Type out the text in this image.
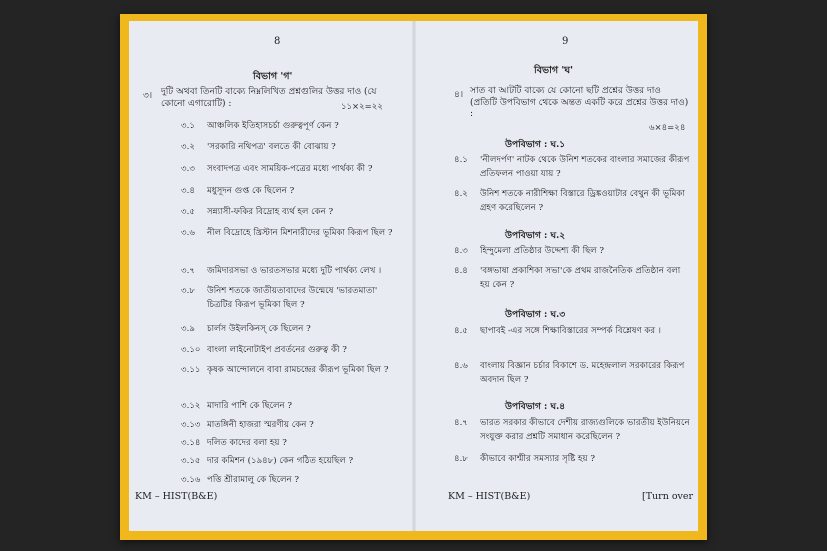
8
বিভাগ 'গ'
৩। দুটি অথবা তিনটি বাক্যে নিম্নলিখিত প্রশ্নগুলির উত্তর দাও (যে কোনো এগারোটি) :	১১×২=২২
৩.১ আঞ্চলিক ইতিহাসচর্চা গুরুত্বপূর্ণ কেন ?
৩.২ 'সরকারি নথিপত্র' বলতে কী বোঝায় ?
৩.৩ সংবাদপত্র এবং সাময়িক-পত্রের মধ্যে পার্থক্য কী ?
৩.৪ মধুসূদন গুপ্ত কে ছিলেন ?
৩.৫ সন্ন্যাসী-ফকির বিদ্রোহ ব্যর্থ হল কেন ?
৩.৬	নীল বিদ্রোহে খ্রিস্টান মিশনারীদের ভূমিকা কিরূপ ছিল ?
৩.৭ জমিদারসভা ও ভারতসভার মধ্যে দুটি পার্থক্য লেখ ।
৩.৮	উনিশ শতকে জাতীয়তাবাদের উন্মেষে 'ভারতমাতা' চিত্রটির কিরূপ ভূমিকা ছিল ?
৩.৯ চার্লস উইলকিনস্ কে ছিলেন ?
৩.১০ বাংলা লাইনোটাইপ প্রবর্তনের গুরুত্ব কী ?
৩.১১ কৃষক আন্দোলনে বাবা রামচন্দ্রের কীরূপ ভূমিকা ছিল ?
৩.১২ মাদারি পাশি কে ছিলেন ?
৩.১৩ মাতঙ্গিনী হাজরা স্মরণীয় কেন ?
৩.১৪ দলিত কাদের বলা হয় ?
৩.১৫ দার কমিশন (১৯৪৮) কেন গঠিত হয়েছিল ?
৩.১৬ পত্তি শ্রীরামালু কে ছিলেন ?
KM – HIST(B&E)
9
বিভাগ 'ঘ'
৪। সাত বা আটটি বাক্যে যে কোনো ছটি প্রশ্নের উত্তর দাও (প্রতিটি উপবিভাগ থেকে অন্তত একটি করে প্রশ্নের উত্তর দাও) :
৬×৪=২৪
উপবিভাগ : ঘ.১
৪.১	'নীলদর্পণ' নাটক থেকে উনিশ শতকের বাংলার সমাজের কীরূপ প্রতিফলন পাওয়া যায় ?
৪.২	উনিশ শতকে নারীশিক্ষা বিস্তারে ড্রিঙ্কওয়াটার বেথুন কী ভূমিকা গ্রহণ করেছিলেন ?
উপবিভাগ : ঘ.২
৪.৩ হিন্দুমেলা প্রতিষ্ঠার উদ্দেশ্য কী ছিল ?
৪.৪	'বঙ্গভাষা প্রকাশিকা সভা'কে প্রথম রাজনৈতিক প্রতিষ্ঠান বলা হয় কেন ?
উপবিভাগ : ঘ.৩
৪.৫	ছাপাবই -এর সঙ্গে শিক্ষাবিস্তারের সম্পর্ক বিশ্লেষণ কর ।
৪.৬	বাংলায় বিজ্ঞান চর্চার বিকাশে ড. মহেন্দ্রলাল সরকারের কিরূপ অবদান ছিল ?
উপবিভাগ : ঘ.৪
৪.৭	ভারত সরকার কীভাবে দেশীয় রাজ্যগুলিকে ভারতীয় ইউনিয়নে সংযুক্ত করার প্রশ্নটি সমাধান করেছিলেন ?
৪.৮ কীভাবে কাশ্মীর সমস্যার সৃষ্টি হয় ?
KM – HIST(B&E)	[Turn over
